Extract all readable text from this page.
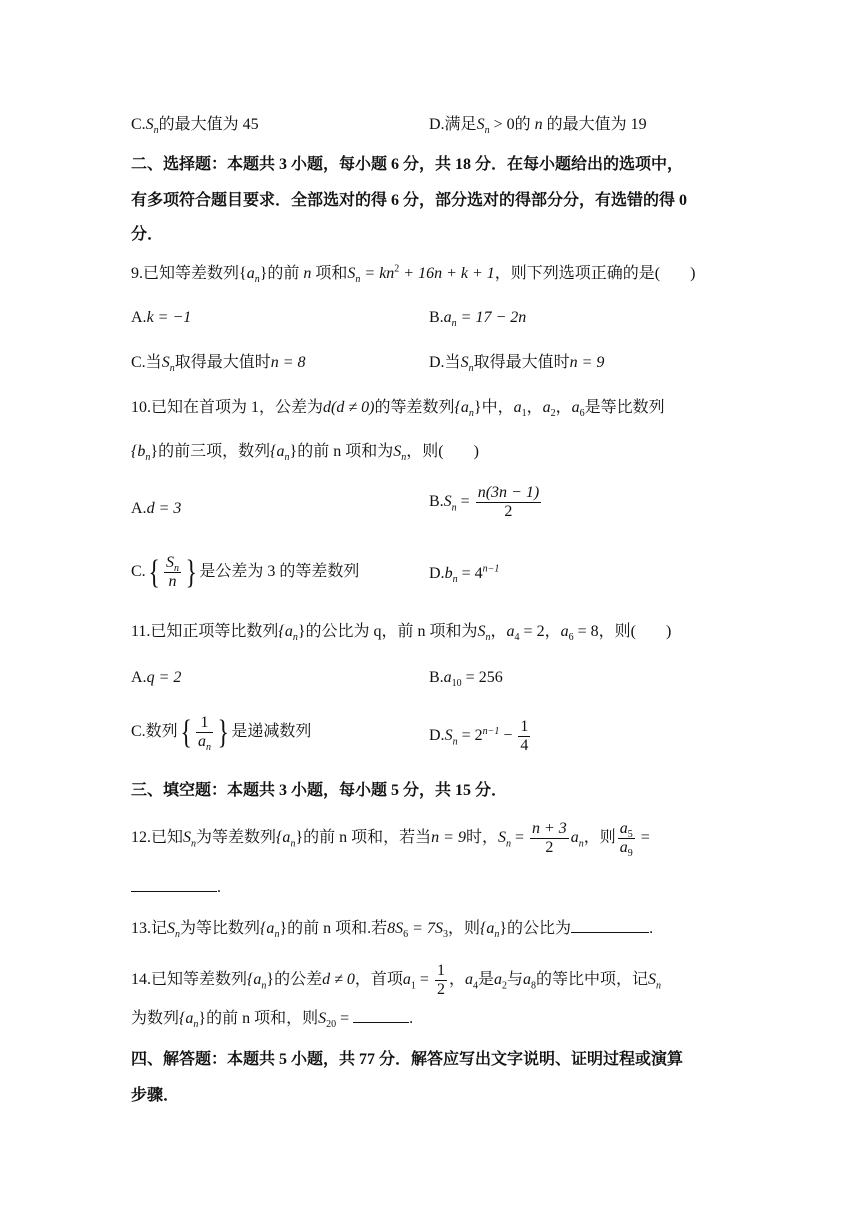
$C.S_n$的最大值为 45	D.满足$S_n > 0$的 n 的最大值为 19
二、选择题：本题共 3 小题，每小题 6 分，共 18 分．在每小题给出的选项中，
有多项符合题目要求．全部选对的得 6 分，部分选对的得部分分，有选错的得 0
分．
9.已知等差数列$\{a_n\}$的前 n 项和$S_n = kn^2 + 16n + k + 1$，则下列选项正确的是( )
A.k = −1	$B.a_n = 17 - 2n$
C.当$S_n$取得最大值时n = 8	D.当$S_n$取得最大值时n = 9
10.已知在首项为 1，公差为d(d ≠ 0)的等差数列$\{a_n\}$中，$a_1$，$a_2$，$a_6$是等比数列
$\{b_n\}$的前三项，数列$\{a_n\}$的前 n 项和为$S_n$，则( )
A.d = 3	$B.S_n = \frac{n(3n - 1)}{2}$
$C.\{ \frac{S_n}{n}$ } 是公差为 3 的等差数列	$D.b_n = 4^{n-1}$
11.已知正项等比数列$\{a_n\}$的公比为 q，前 n 项和为$S_n$，$a_4 = 2$，$a_6 = 8$，则( )
A.q = 2	$B.a_{10} = 256$
C.数列{ $\frac{1}{a_n}$ } 是递减数列	$D.S_n = 2^{n-1} - \frac{1}{4}$
三、填空题：本题共 3 小题，每小题 5 分，共 15 分．
12.已知$S_n$为等差数列$\{a_n\}$的前 n 项和，若当n = 9时，$S_n = \frac{n + 3}{2} a_n$，则 $\frac{a_5}{a_9}$ =
.
13.记$S_n$为等比数列$\{a_n\}$的前 n 项和.若$8S_6 = 7S_3$，则$\{a_n\}$的公比为	.
14.已知等差数列$\{a_n\}$的公差d ≠ 0，首项$a_1 = \frac{1}{2}$ ，$a_4$是$a_2$与$a_8$的等比中项，记$S_n$
为数列$\{a_n\}$的前 n 项和，则$S_{20}$ =	.
四、解答题：本题共 5 小题，共 77 分．解答应写出文字说明、证明过程或演算
步骤．
